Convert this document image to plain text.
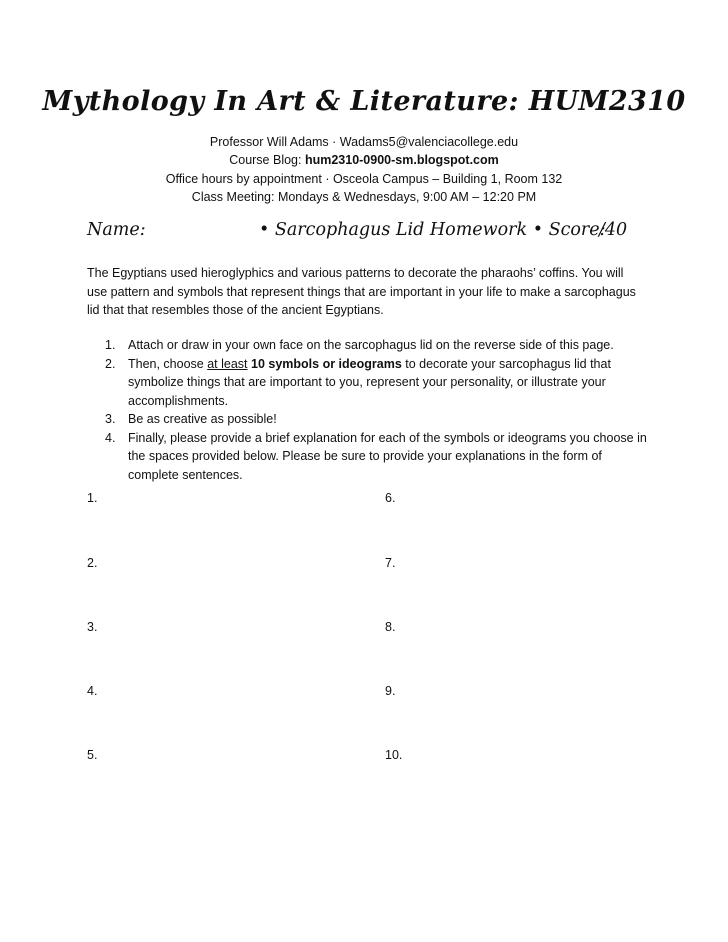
Mythology In Art & Literature: HUM2310
Professor Will Adams · Wadams5@valenciacollege.edu
Course Blog: hum2310-0900-sm.blogspot.com
Office hours by appointment · Osceola Campus – Building 1, Room 132
Class Meeting: Mondays & Wednesdays, 9:00 AM – 12:20 PM
Name:	• Sarcophagus Lid Homework • Score:
/40
The Egyptians used hieroglyphics and various patterns to decorate the pharaohs’ coffins. You will use pattern and symbols that represent things that are important in your life to make a sarcophagus lid that that resembles those of the ancient Egyptians.
1. Attach or draw in your own face on the sarcophagus lid on the reverse side of this page.
2. Then, choose at least 10 symbols or ideograms to decorate your sarcophagus lid that symbolize things that are important to you, represent your personality, or illustrate your accomplishments.
3. Be as creative as possible!
4. Finally, please provide a brief explanation for each of the symbols or ideograms you choose in the spaces provided below. Please be sure to provide your explanations in the form of complete sentences.
1.
2.
3.
4.
5.
6.
7.
8.
9.
10.
